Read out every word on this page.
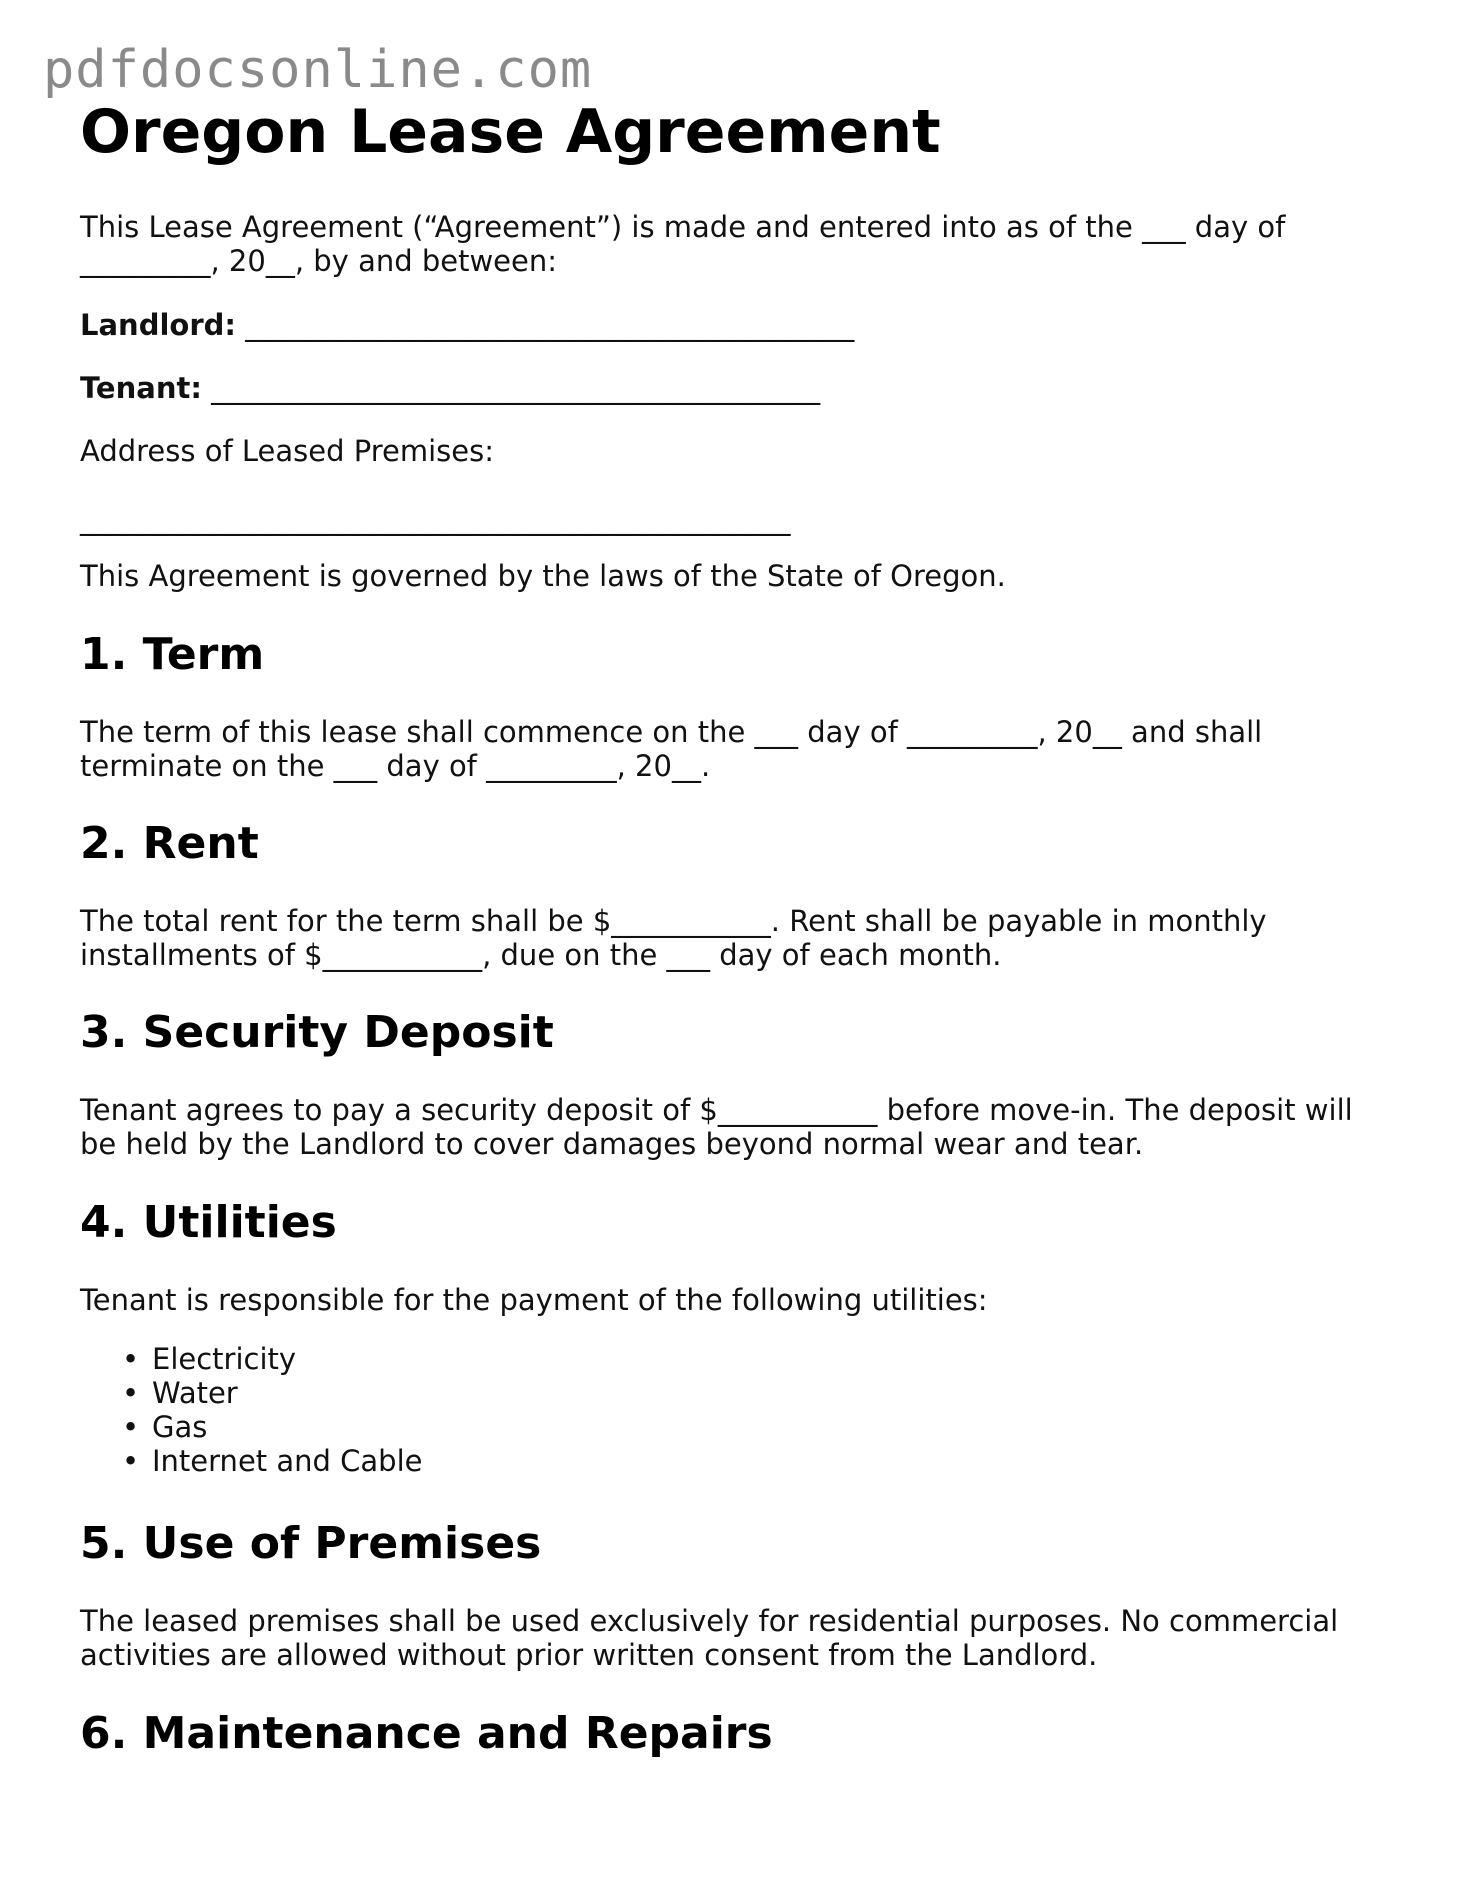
pdfdocsonline.com
Oregon Lease Agreement

This Lease Agreement (“Agreement”) is made and entered into as of the ___ day of

_________, 20__, by and between:

Landlord: __________________________________________

Tenant: __________________________________________

Address of Leased Premises:

_________________________________________________

This Agreement is governed by the laws of the State of Oregon.

1. Term

The term of this lease shall commence on the ___ day of _________, 20__ and shall

terminate on the ___ day of _________, 20__.

2. Rent

The total rent for the term shall be $___________. Rent shall be payable in monthly

installments of $___________, due on the ___ day of each month.

3. Security Deposit

Tenant agrees to pay a security deposit of $___________ before move-in. The deposit will

be held by the Landlord to cover damages beyond normal wear and tear.

4. Utilities

Tenant is responsible for the payment of the following utilities:

• Electricity
• Water
• Gas
• Internet and Cable
5. Use of Premises

The leased premises shall be used exclusively for residential purposes. No commercial

activities are allowed without prior written consent from the Landlord.

6. Maintenance and Repairs
